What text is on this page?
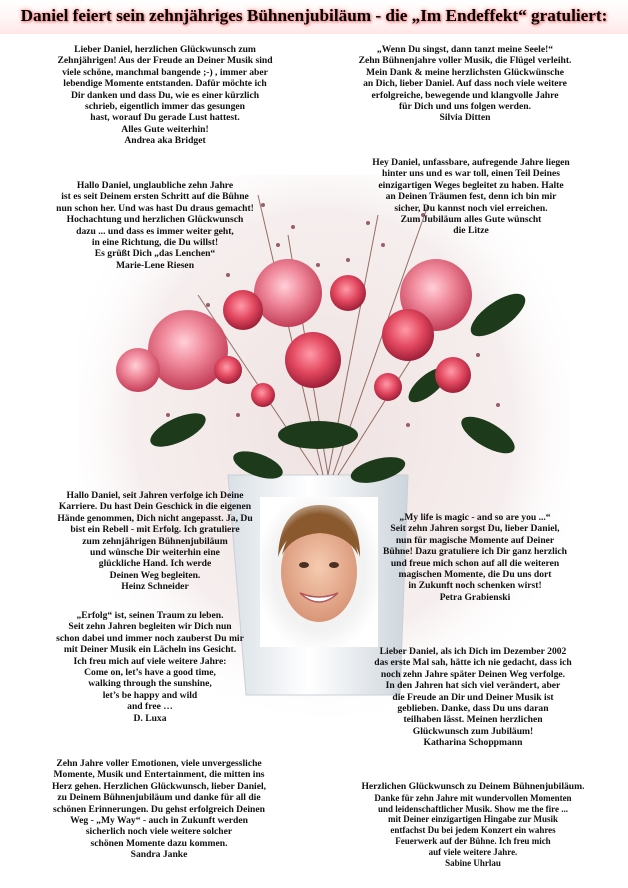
Daniel feiert sein zehnjähriges Bühnenjubiläum - die „Im Endeffekt“ gratuliert:
Lieber Daniel, herzlichen Glückwunsch zum
Zehnjährigen! Aus der Freude an Deiner Musik sind
viele schöne, manchmal bangende ;-) , immer aber
lebendige Momente entstanden. Dafür möchte ich
Dir danken und dass Du, wie es einer kürzlich
schrieb, eigentlich immer das gesungen
hast, worauf Du gerade Lust hattest.
Alles Gute weiterhin!
Andrea aka Bridget
„Wenn Du singst, dann tanzt meine Seele!“
Zehn Bühnenjahre voller Musik, die Flügel verleiht.
Mein Dank & meine herzlichsten Glückwünsche
an Dich, lieber Daniel. Auf dass noch viele weitere
erfolgreiche, bewegende und klangvolle Jahre
für Dich und uns folgen werden.
Silvia Ditten
Hey Daniel, unfassbare, aufregende Jahre liegen
hinter uns und es war toll, einen Teil Deines
einzigartigen Weges begleitet zu haben. Halte
an Deinen Träumen fest, denn ich bin mir
sicher, Du kannst noch viel erreichen.
Zum Jubiläum alles Gute wünscht
die Litze
Hallo Daniel, unglaubliche zehn Jahre
ist es seit Deinem ersten Schritt auf die Bühne
nun schon her. Und was hast Du draus gemacht!
Hochachtung und herzlichen Glückwunsch
dazu ... und dass es immer weiter geht,
in eine Richtung, die Du willst!
Es grüßt Dich „das Lenchen“
Marie-Lene Riesen
Hallo Daniel, seit Jahren verfolge ich Deine
Karriere. Du hast Dein Geschick in die eigenen
Hände genommen, Dich nicht angepasst. Ja, Du
bist ein Rebell - mit Erfolg. Ich gratuliere
zum zehnjährigen Bühnenjubiläum
und wünsche Dir weiterhin eine
glückliche Hand. Ich werde
Deinen Weg begleiten.
Heinz Schneider
„My life is magic - and so are you ...“
Seit zehn Jahren sorgst Du, lieber Daniel,
nun für magische Momente auf Deiner
Bühne! Dazu gratuliere ich Dir ganz herzlich
und freue mich schon auf all die weiteren
magischen Momente, die Du uns dort
in Zukunft noch schenken wirst!
Petra Grabienski
„Erfolg“ ist, seinen Traum zu leben.
Seit zehn Jahren begleiten wir Dich nun
schon dabei und immer noch zauberst Du mir
mit Deiner Musik ein Lächeln ins Gesicht.
Ich freu mich auf viele weitere Jahre:
Come on, let’s have a good time,
walking through the sunshine,
let’s be happy and wild
and free …
D. Luxa
Lieber Daniel, als ich Dich im Dezember 2002
das erste Mal sah, hätte ich nie gedacht, dass ich
noch zehn Jahre später Deinen Weg verfolge.
In den Jahren hat sich viel verändert, aber
die Freude an Dir und Deiner Musik ist
geblieben. Danke, dass Du uns daran
teilhaben lässt. Meinen herzlichen
Glückwunsch zum Jubiläum!
Katharina Schoppmann
Zehn Jahre voller Emotionen, viele unvergessliche
Momente, Musik und Entertainment, die mitten ins
Herz gehen. Herzlichen Glückwunsch, lieber Daniel,
zu Deinem Bühnenjubiläum und danke für all die
schönen Erinnerungen. Du gehst erfolgreich Deinen
Weg - „My Way“ - auch in Zukunft werden
sicherlich noch viele weitere solcher
schönen Momente dazu kommen.
Sandra Janke
Herzlichen Glückwunsch zu Deinem Bühnenjubiläum.
Danke für zehn Jahre mit wundervollen Momenten
und leidenschaftlicher Musik. Show me the fire ...
mit Deiner einzigartigen Hingabe zur Musik
entfachst Du bei jedem Konzert ein wahres
Feuerwerk auf der Bühne. Ich freu mich
auf viele weitere Jahre.
Sabine Uhrlau
